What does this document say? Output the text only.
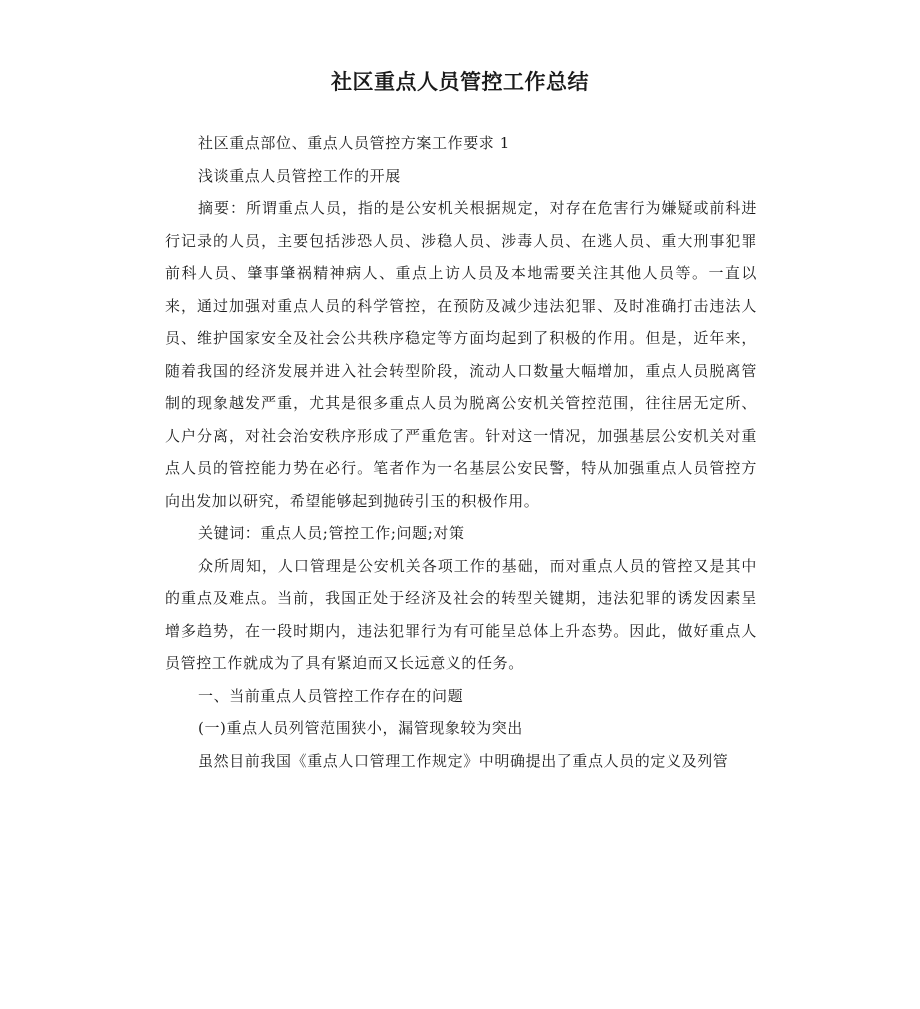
社区重点人员管控工作总结

社区重点部位、重点人员管控方案工作要求 1

浅谈重点人员管控工作的开展

摘要：所谓重点人员，指的是公安机关根据规定，对存在危害行为嫌疑或前科进行记录的人员，主要包括涉恐人员、涉稳人员、涉毒人员、在逃人员、重大刑事犯罪前科人员、肇事肇祸精神病人、重点上访人员及本地需要关注其他人员等。一直以来，通过加强对重点人员的科学管控，在预防及减少违法犯罪、及时准确打击违法人员、维护国家安全及社会公共秩序稳定等方面均起到了积极的作用。但是，近年来，随着我国的经济发展并进入社会转型阶段，流动人口数量大幅增加，重点人员脱离管制的现象越发严重，尤其是很多重点人员为脱离公安机关管控范围，往往居无定所、人户分离，对社会治安秩序形成了严重危害。针对这一情况，加强基层公安机关对重点人员的管控能力势在必行。笔者作为一名基层公安民警，特从加强重点人员管控方向出发加以研究，希望能够起到抛砖引玉的积极作用。

关键词：重点人员;管控工作;问题;对策

众所周知，人口管理是公安机关各项工作的基础，而对重点人员的管控又是其中的重点及难点。当前，我国正处于经济及社会的转型关键期，违法犯罪的诱发因素呈增多趋势，在一段时期内，违法犯罪行为有可能呈总体上升态势。因此，做好重点人员管控工作就成为了具有紧迫而又长远意义的任务。

一、当前重点人员管控工作存在的问题

(一)重点人员列管范围狭小，漏管现象较为突出

虽然目前我国《重点人口管理工作规定》中明确提出了重点人员的定义及列管
